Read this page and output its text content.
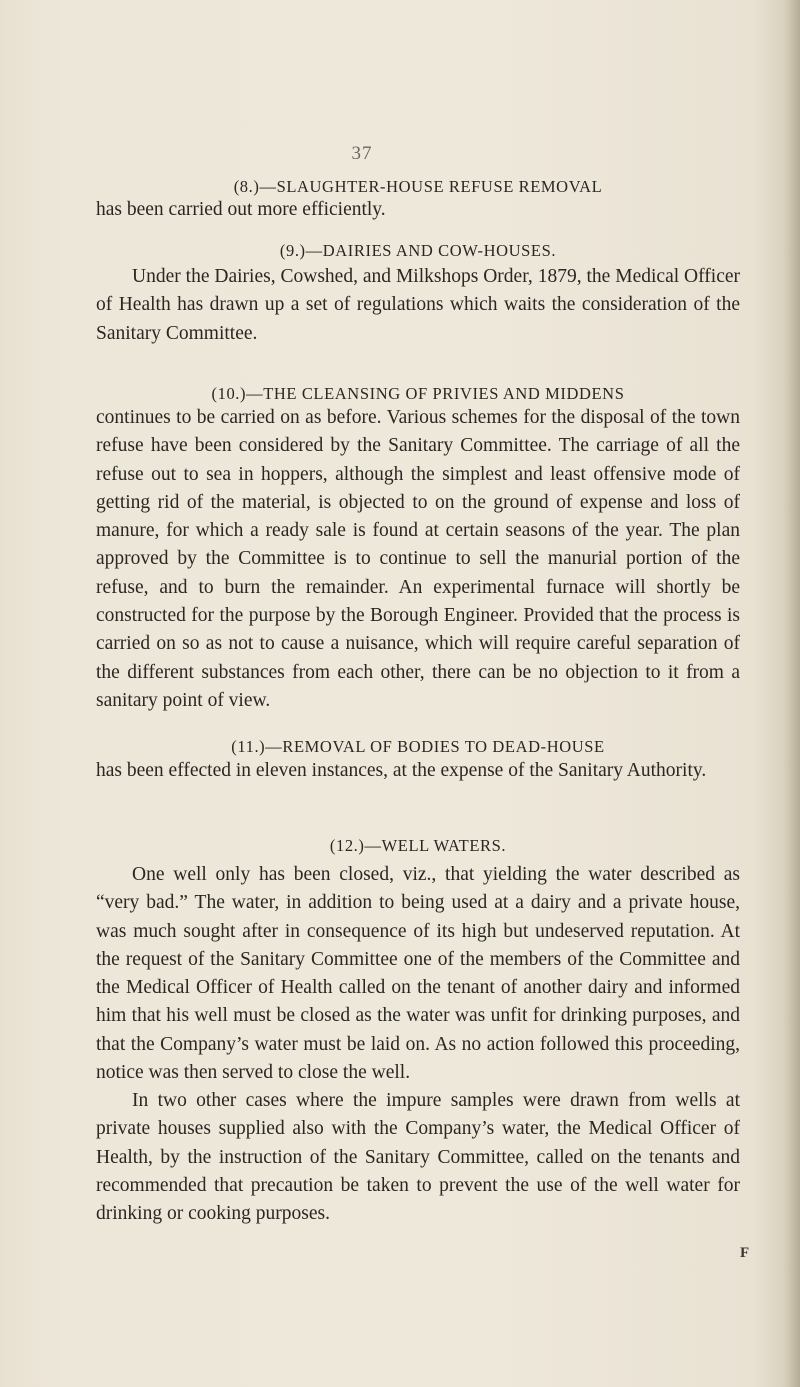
37
(8.)—SLAUGHTER-HOUSE REFUSE REMOVAL

has been carried out more efficiently.

(9.)—DAIRIES AND COW-HOUSES.

Under the Dairies, Cowshed, and Milkshops Order, 1879, the Medical Officer of Health has drawn up a set of regulations which waits the consideration of the Sanitary Committee.

(10.)—THE CLEANSING OF PRIVIES AND MIDDENS

continues to be carried on as before. Various schemes for the disposal of the town refuse have been considered by the Sanitary Committee. The carriage of all the refuse out to sea in hoppers, although the simplest and least offensive mode of getting rid of the material, is objected to on the ground of expense and loss of manure, for which a ready sale is found at certain seasons of the year. The plan approved by the Committee is to continue to sell the manurial portion of the refuse, and to burn the remainder. An experimental furnace will shortly be constructed for the purpose by the Borough Engineer. Provided that the process is carried on so as not to cause a nuisance, which will require careful separation of the different substances from each other, there can be no objection to it from a sanitary point of view.

(11.)—REMOVAL OF BODIES TO DEAD-HOUSE

has been effected in eleven instances, at the expense of the Sanitary Authority.

(12.)—WELL WATERS.

One well only has been closed, viz., that yielding the water described as “very bad.” The water, in addition to being used at a dairy and a private house, was much sought after in consequence of its high but undeserved reputation. At the request of the Sanitary Committee one of the members of the Committee and the Medical Officer of Health called on the tenant of another dairy and informed him that his well must be closed as the water was unfit for drinking purposes, and that the Company’s water must be laid on. As no action followed this proceeding, notice was then served to close the well.

In two other cases where the impure samples were drawn from wells at private houses supplied also with the Company’s water, the Medical Officer of Health, by the instruction of the Sanitary Committee, called on the tenants and recommended that precaution be taken to prevent the use of the well water for drinking or cooking purposes.

F
